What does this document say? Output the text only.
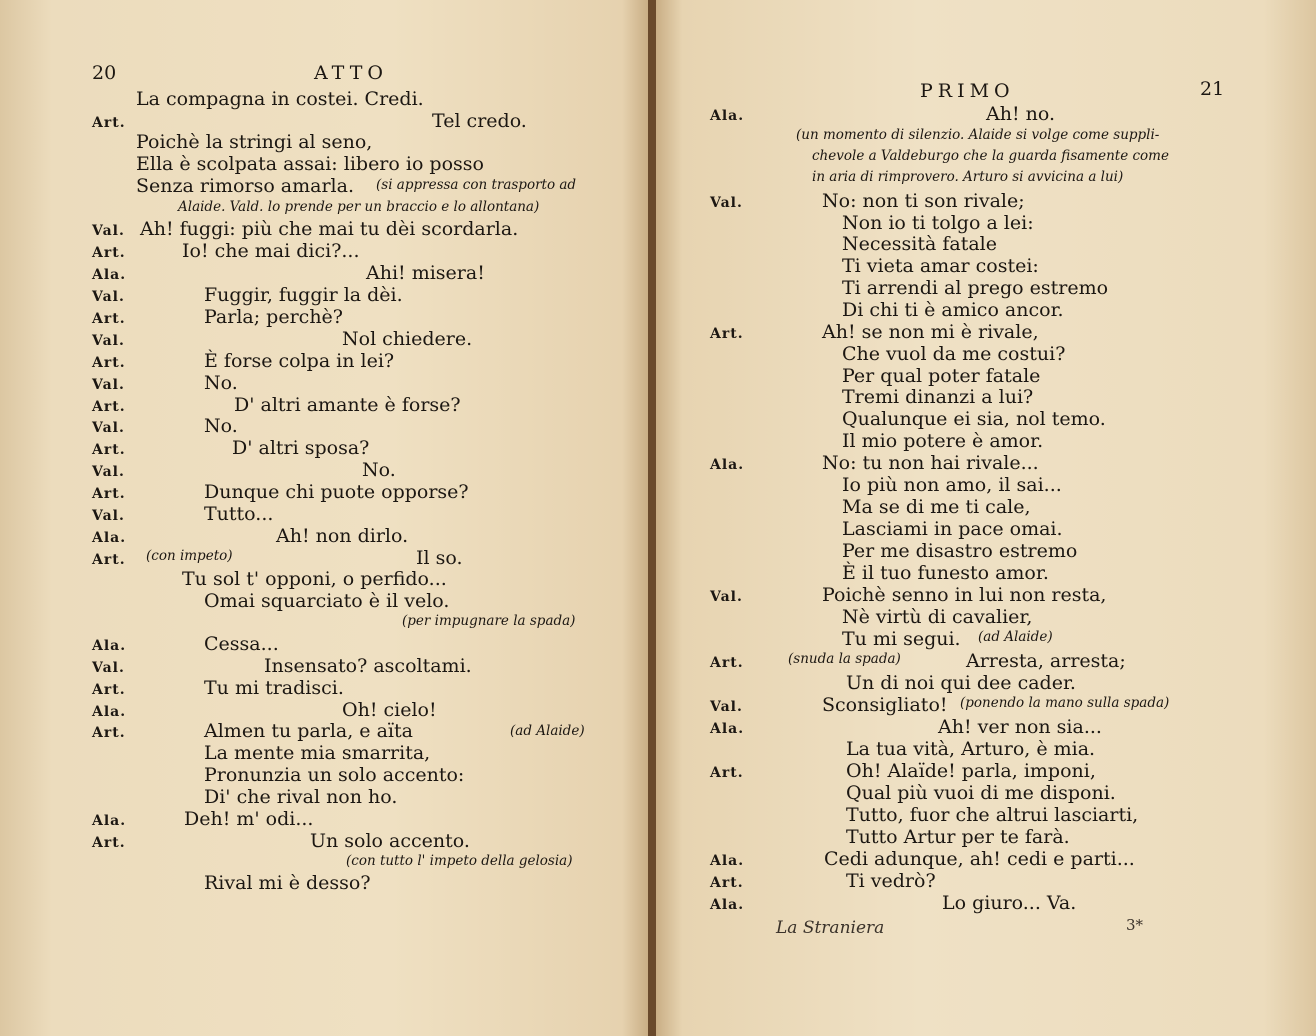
20	ATTO
La compagna in costei. Credi.
Art.	Tel credo.
Poichè la stringi al seno,
Ella è scolpata assai: libero io posso
Senza rimorso amarla.
Val. Ah! fuggi: più che mai tu dèi scordarla.
Art.	Io! che mai dici?...
Ala.	Ahi! misera!
Val.	Fuggir, fuggir la dèi.
Art.	Parla; perchè?
Val.	Nol chiedere.
Art.	È forse colpa in lei?
Val.	No.
Art.	D' altri amante è forse?
Val.	No.
Art.	D' altri sposa?
Val.	No.
Art.	Dunque chi puote opporse?
Val.	Tutto...
Ala.	Ah! non dirlo.
Art.	Il so.
Tu sol t' opponi, o perfido...
Omai squarciato è il velo.
Ala.	Cessa...
Val.	Insensato? ascoltami.
Art.	Tu mi tradisci.
Ala.	Oh! cielo!
Art.	Almen tu parla, e aïta
La mente mia smarrita,
Pronunzia un solo accento:
Di' che rival non ho.
Ala.	Deh! m' odi...
Art.	Un solo accento.
Rival mi è desso?
(si appressa con trasporto ad
Alaide. Vald. lo prende per un braccio e lo allontana)
(con impeto)
(per impugnare la spada)
(ad Alaide)
(con tutto l' impeto della gelosia)
PRIMO	21
Ala.	Ah! no.
Val.	No: non ti son rivale;
Non io ti tolgo a lei:
Necessità fatale
Ti vieta amar costei:
Ti arrendi al prego estremo
Di chi ti è amico ancor.
Art.	Ah! se non mi è rivale,
Che vuol da me costui?
Per qual poter fatale
Tremi dinanzi a lui?
Qualunque ei sia, nol temo.
Il mio potere è amor.
Ala.	No: tu non hai rivale...
Io più non amo, il sai...
Ma se di me ti cale,
Lasciami in pace omai.
Per me disastro estremo
È il tuo funesto amor.
Val.	Poichè senno in lui non resta,
Nè virtù di cavalier,
Tu mi segui.
Art.	Arresta, arresta;
Un di noi qui dee cader.
Val.	Sconsigliato!
Ala.	Ah! ver non sia...
La tua vità, Arturo, è mia.
Art.	Oh! Alaïde! parla, imponi,
Qual più vuoi di me disponi.
Tutto, fuor che altrui lasciarti,
Tutto Artur per te farà.
Ala.	Cedi adunque, ah! cedi e parti...
Art.	Ti vedrò?
Ala.	Lo giuro... Va.
(un momento di silenzio. Alaide si volge come suppli-
chevole a Valdeburgo che la guarda fisamente come
in aria di rimprovero. Arturo si avvicina a lui)
(ad Alaide)
(snuda la spada)
(ponendo la mano sulla spada)
La Straniera	3*
